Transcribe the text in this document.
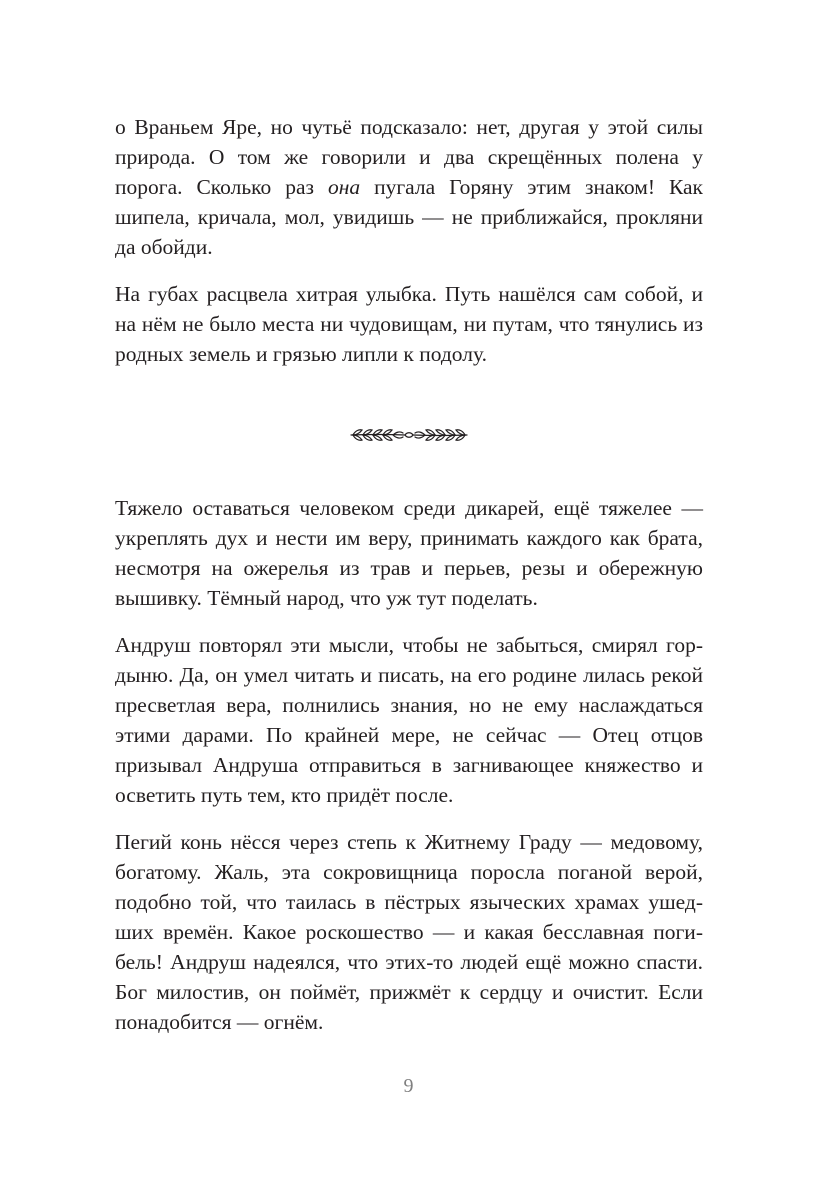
о Враньем Яре, но чутьё подсказало: нет, другая у этой силы природа. О том же говорили и два скрещённых полена у порога. Сколько раз она пугала Горяну этим знаком! Как шипела, кричала, мол, увидишь — не приближайся, прокляни да обойди.

На губах расцвела хитрая улыбка. Путь нашёлся сам собой, и на нём не было места ни чудовищам, ни путам, что тянулись из родных земель и грязью липли к подолу.

Тяжело оставаться человеком среди дикарей, ещё тяжелее — укреплять дух и нести им веру, принимать каждого как брата, несмотря на ожерелья из трав и перьев, резы и обережную вышивку. Тёмный народ, что уж тут поделать.

Андруш повторял эти мысли, чтобы не забыться, смирял гордыню. Да, он умел читать и писать, на его родине лилась рекой пресветлая вера, полнились знания, но не ему наслаждаться этими дарами. По крайней мере, не сейчас — Отец отцов призывал Андруша отправиться в загнивающее княжество и осветить путь тем, кто придёт после.

Пегий конь нёсся через степь к Житнему Граду — медовому, богатому. Жаль, эта сокровищница поросла поганой верой, подобно той, что таилась в пёстрых языческих храмах ушедших времён. Какое роскошество — и какая бесславная погибель! Андруш надеялся, что этих-то людей ещё можно спасти. Бог милостив, он поймёт, прижмёт к сердцу и очистит. Если понадобится — огнём.

9
